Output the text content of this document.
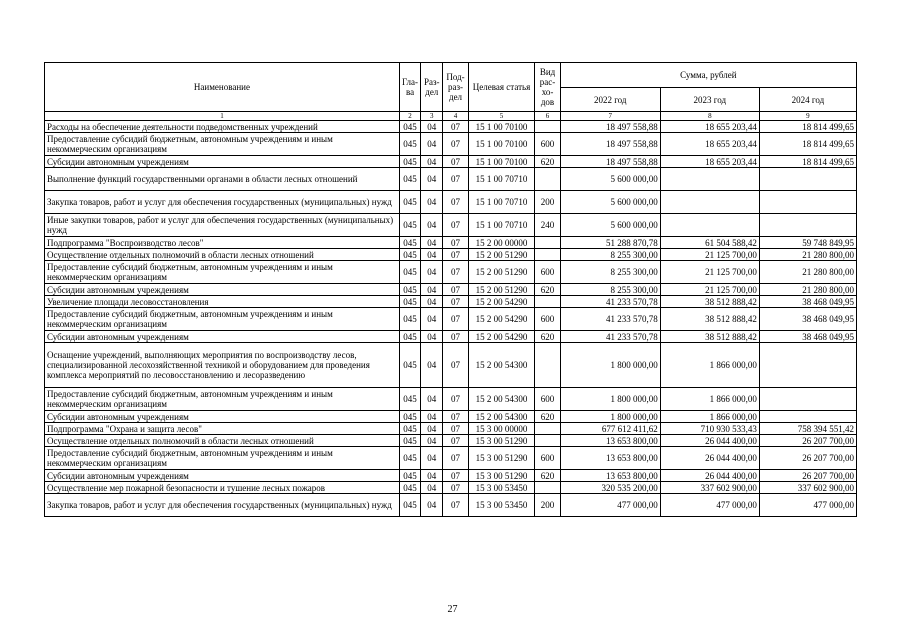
Наименование	Гла-ва	Раз-дел	Под-раз-дел	Целевая статья	Вид рас-хо-дов	Сумма, рублей		
						2022 год	2023 год	2024 год
1	2	3	4	5	6	7	8	9
Расходы на обеспечение деятельности подведомственных учреждений	045	04	07	15 1 00 70100		18 497 558,88	18 655 203,44	18 814 499,65
Предоставление субсидий бюджетным, автономным учреждениям и иным некоммерческим организациям	045	04	07	15 1 00 70100	600	18 497 558,88	18 655 203,44	18 814 499,65
Субсидии автономным учреждениям	045	04	07	15 1 00 70100	620	18 497 558,88	18 655 203,44	18 814 499,65
Выполнение функций государственными органами в области лесных отношений	045	04	07	15 1 00 70710		5 600 000,00		
Закупка товаров, работ и услуг для обеспечения государственных (муниципальных) нужд	045	04	07	15 1 00 70710	200	5 600 000,00		
Иные закупки товаров, работ и услуг для обеспечения государственных (муниципальных) нужд	045	04	07	15 1 00 70710	240	5 600 000,00		
Подпрограмма "Воспроизводство лесов"	045	04	07	15 2 00 00000		51 288 870,78	61 504 588,42	59 748 849,95
Осуществление отдельных полномочий в области лесных отношений	045	04	07	15 2 00 51290		8 255 300,00	21 125 700,00	21 280 800,00
Предоставление субсидий бюджетным, автономным учреждениям и иным некоммерческим организациям	045	04	07	15 2 00 51290	600	8 255 300,00	21 125 700,00	21 280 800,00
Субсидии автономным учреждениям	045	04	07	15 2 00 51290	620	8 255 300,00	21 125 700,00	21 280 800,00
Увеличение площади лесовосстановления	045	04	07	15 2 00 54290		41 233 570,78	38 512 888,42	38 468 049,95
Предоставление субсидий бюджетным, автономным учреждениям и иным некоммерческим организациям	045	04	07	15 2 00 54290	600	41 233 570,78	38 512 888,42	38 468 049,95
Субсидии автономным учреждениям	045	04	07	15 2 00 54290	620	41 233 570,78	38 512 888,42	38 468 049,95
Оснащение учреждений, выполняющих мероприятия по воспроизводству лесов, специализированной лесохозяйственной техникой и оборудованием для проведения комплекса мероприятий по лесовосстановлению и лесоразведению	045	04	07	15 2 00 54300		1 800 000,00	1 866 000,00	
Предоставление субсидий бюджетным, автономным учреждениям и иным некоммерческим организациям	045	04	07	15 2 00 54300	600	1 800 000,00	1 866 000,00	
Субсидии автономным учреждениям	045	04	07	15 2 00 54300	620	1 800 000,00	1 866 000,00	
Подпрограмма "Охрана и защита лесов"	045	04	07	15 3 00 00000		677 612 411,62	710 930 533,43	758 394 551,42
Осуществление отдельных полномочий в области лесных отношений	045	04	07	15 3 00 51290		13 653 800,00	26 044 400,00	26 207 700,00
Предоставление субсидий бюджетным, автономным учреждениям и иным некоммерческим организациям	045	04	07	15 3 00 51290	600	13 653 800,00	26 044 400,00	26 207 700,00
Субсидии автономным учреждениям	045	04	07	15 3 00 51290	620	13 653 800,00	26 044 400,00	26 207 700,00
Осуществление мер пожарной безопасности и тушение лесных пожаров	045	04	07	15 3 00 53450		320 535 200,00	337 602 900,00	337 602 900,00
Закупка товаров, работ и услуг для обеспечения государственных (муниципальных) нужд	045	04	07	15 3 00 53450	200	477 000,00	477 000,00	477 000,00
27
